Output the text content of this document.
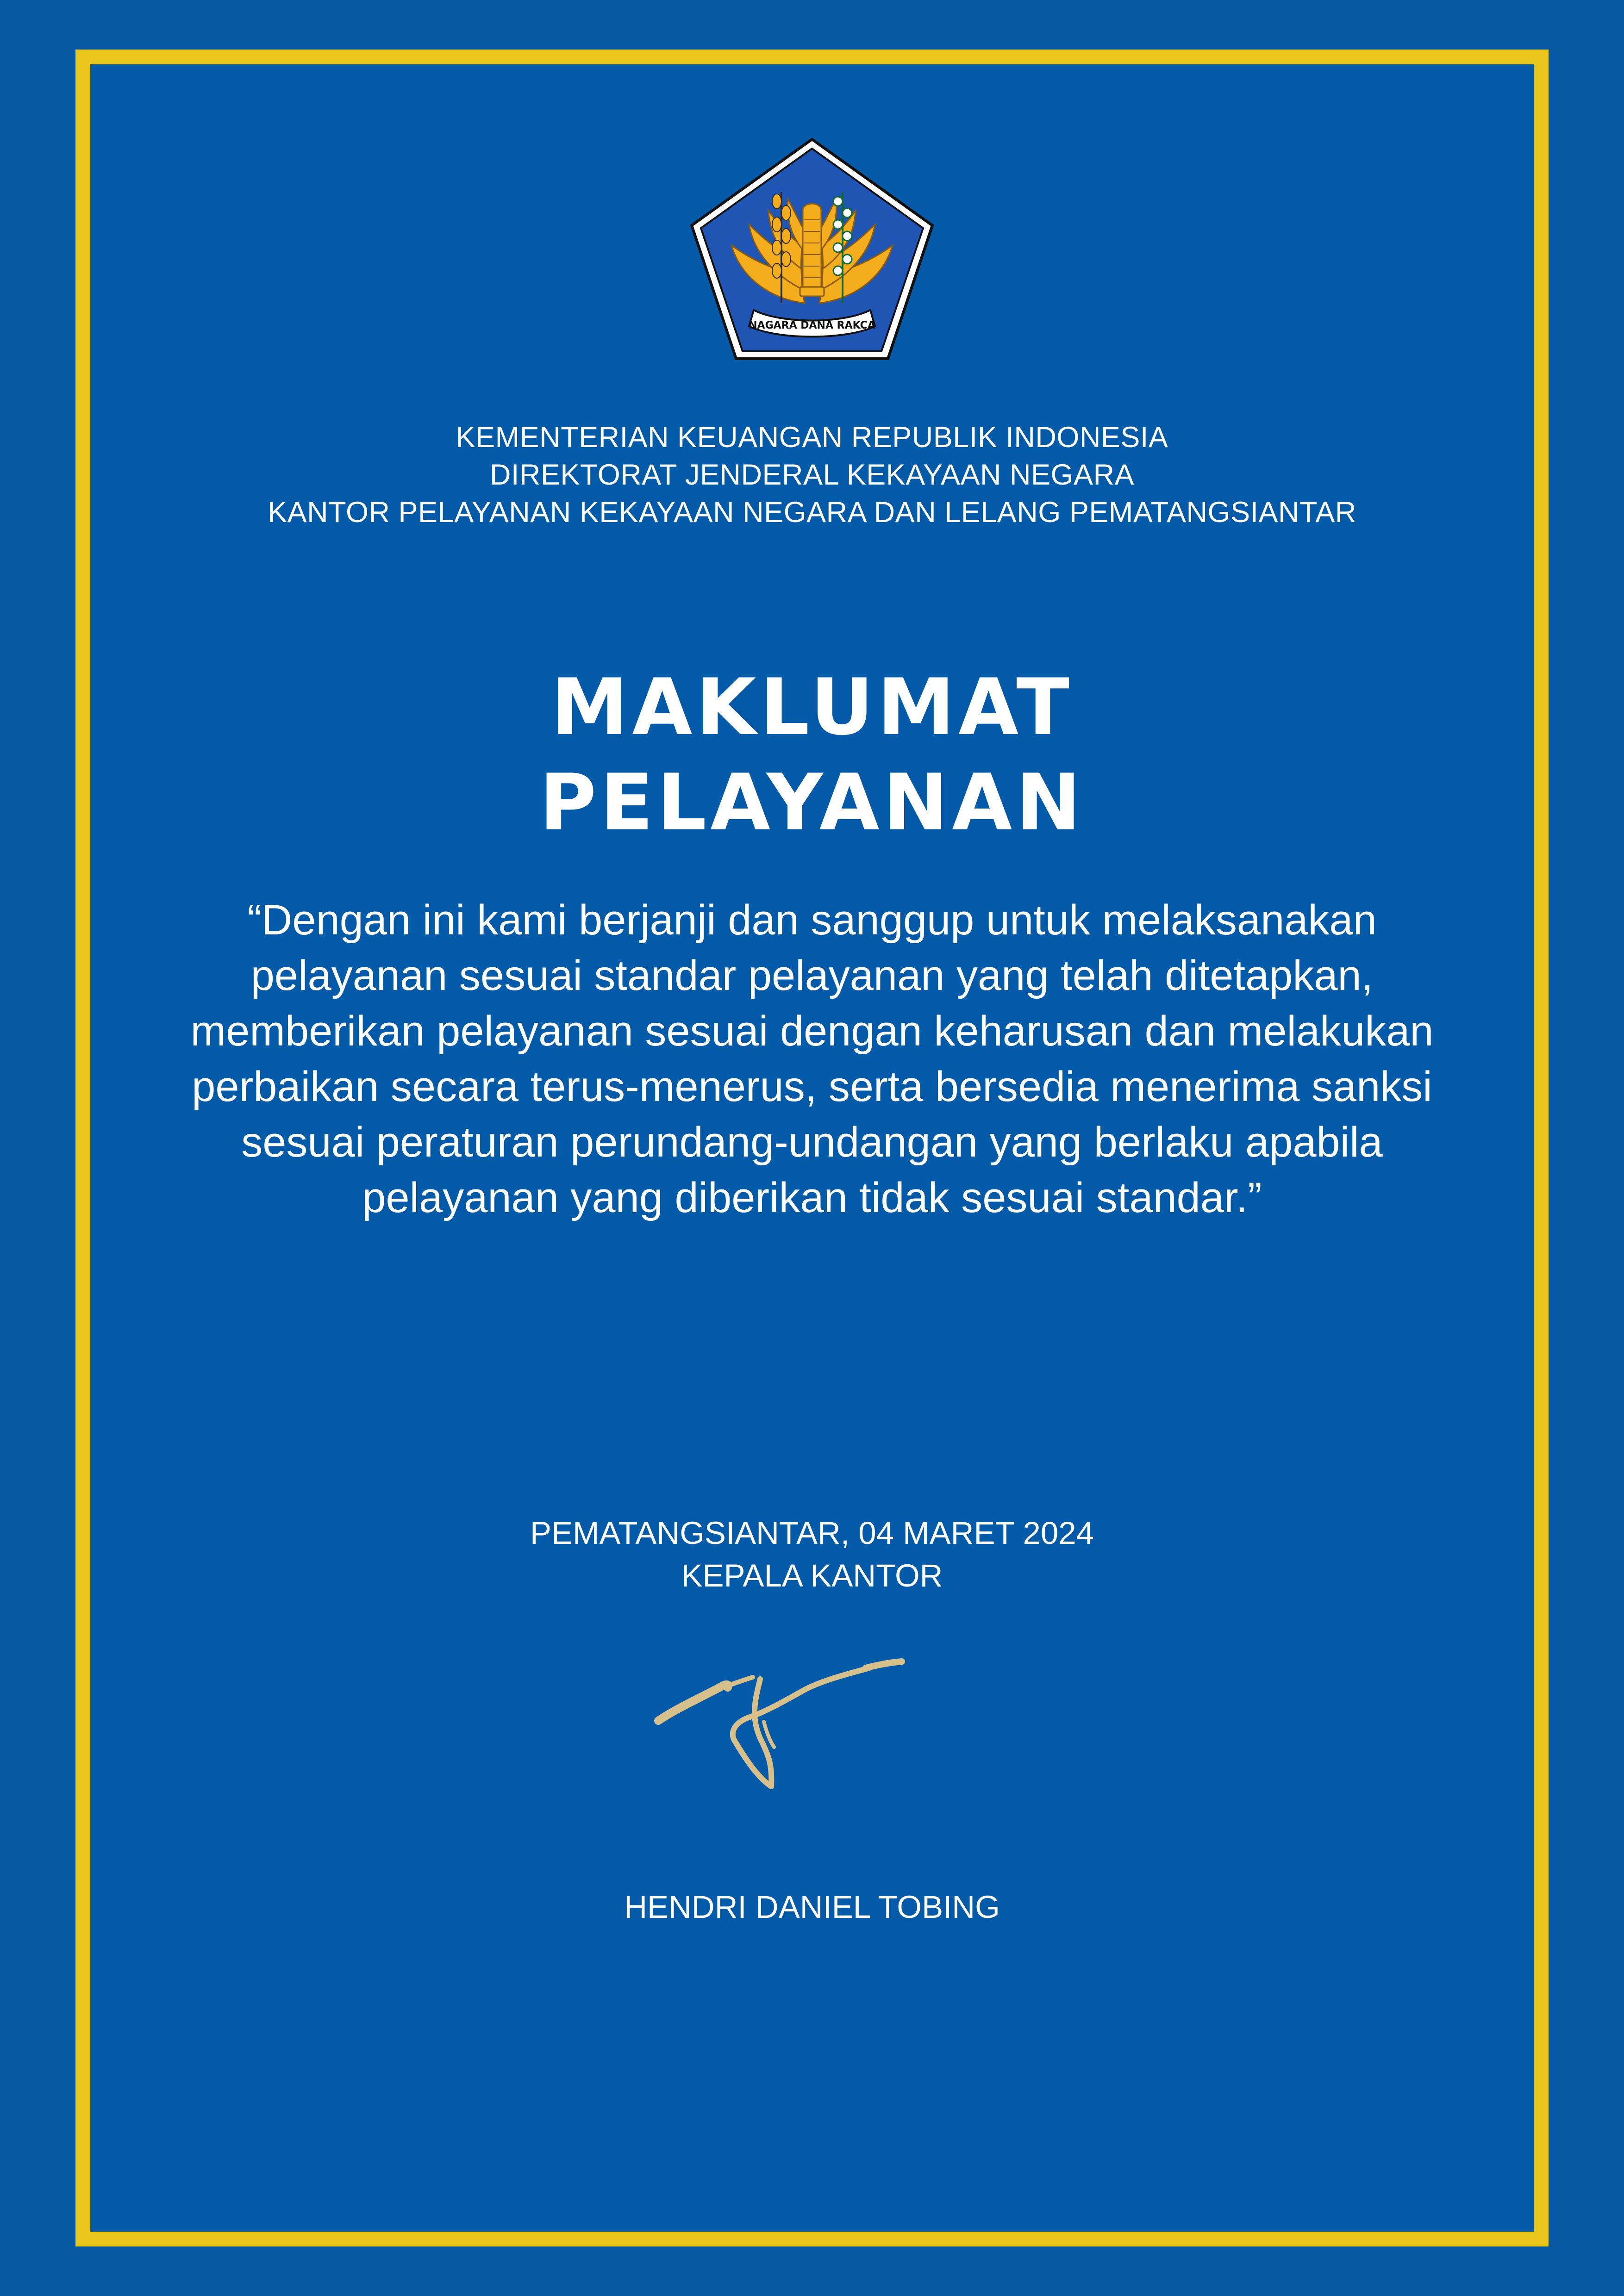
NAGARA DANA RAKCA
KEMENTERIAN KEUANGAN REPUBLIK INDONESIA
DIREKTORAT JENDERAL KEKAYAAN NEGARA
KANTOR PELAYANAN KEKAYAAN NEGARA DAN LELANG PEMATANGSIANTAR
MAKLUMAT
PELAYANAN
“Dengan ini kami berjanji dan sanggup untuk melaksanakan
pelayanan sesuai standar pelayanan yang telah ditetapkan,
memberikan pelayanan sesuai dengan keharusan dan melakukan
perbaikan secara terus-menerus, serta bersedia menerima sanksi
sesuai peraturan perundang-undangan yang berlaku apabila
pelayanan yang diberikan tidak sesuai standar.”
PEMATANGSIANTAR, 04 MARET 2024
KEPALA KANTOR
HENDRI DANIEL TOBING
